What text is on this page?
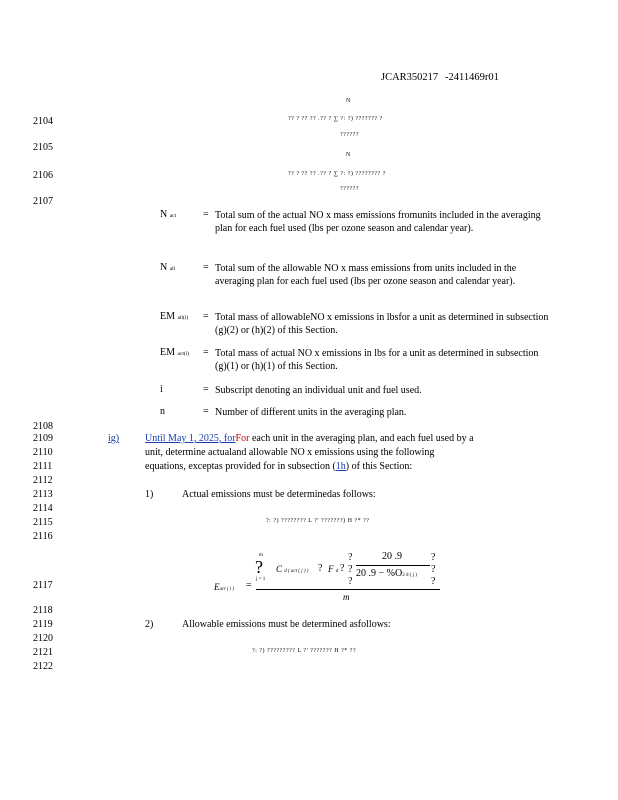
JCAR350217 -2411469r01
2104
2105
2106
2107
2108
2109
2110
2111
2112
2113
2114
2115
2116
2117
2118
2119
2120
2121
2122
N
?? ? ?? ?? .?? ? ∑ ?: ?) ??????? ?
??????
N
?? ? ?? ?? .?? ? ∑ ?: ?) ???????? ?
??????
N act	= Total sum of the actual NO x mass emissions fromunits included in the averaging plan for each fuel used (lbs per ozone season and calendar year).
N all	= Total sum of the allowable NO x mass emissions from units included in the averaging plan for each fuel used (lbs per ozone season and calendar year).
EM all(i) = Total mass of allowableNO x emissions in lbsfor a unit as determined in subsection (g)(2) or (h)(2) of this Section.
EM act(i) = Total mass of actual NO x emissions in lbs for a unit as determined in subsection (g)(1) or (h)(1) of this Section.
i	= Subscript denoting an individual unit and fuel used.
n	= Number of different units in the averaging plan.
ig)	Until May 1, 2025, forFor each unit in the averaging plan, and each fuel used by a
unit, determine actualand allowable NO x emissions using the following
equations, exceptas provided for in subsection (1h) of this Section:
1)	Actual emissions must be determinedas follows:
?: ?) ???????? L ?' ???????) H ?* ??
Eact ( i ) =
m
?
j = 1
C d ( act ( j ) ) ? F d ?
?
?
?
20 .9
20 .9 − %O2 d ( j )
?
?
?
m
2)	Allowable emissions must be determined asfollows:
?: ?) ????????? L ?' ??????? H ?* ??
